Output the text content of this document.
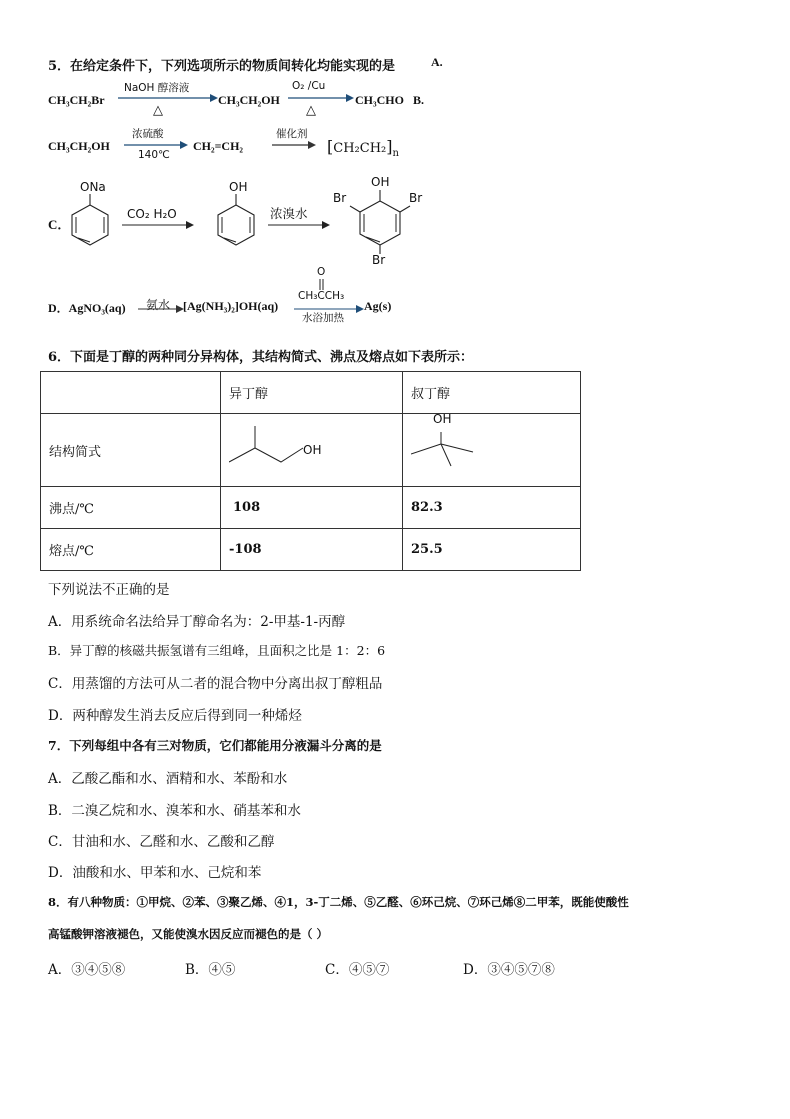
5．在给定条件下，下列选项所示的物质间转化均能实现的是	A.
CH₃CH₂Br
NaOH 醇溶液
△
CH₃CH₂OH
O₂ /Cu
△
CH₃CHO B.
CH₃CH₂OH
浓硫酸
140℃
CH₂=CH₂
催化剂
$[CH_2CH_2]_n$
C．
ONa
CO₂ H₂O
OH
浓溴水
OH
Br	Br
Br
D．AgNO₃(aq) 氨水 [Ag(NH₃)₂]OH(aq)
O
CH₃CCH₃
水浴加热
Ag(s)
6．下面是丁醇的两种同分异构体，其结构简式、沸点及熔点如下表所示：
	异丁醇	叔丁醇
结构简式	OH	OH

沸点/℃	108	82.3
熔点/℃	-108	25.5
下列说法不正确的是
A．用系统命名法给异丁醇命名为：2-甲基-1-丙醇
B．异丁醇的核磁共振氢谱有三组峰，且面积之比是 1：2：6
C．用蒸馏的方法可从二者的混合物中分离出叔丁醇粗品
D．两种醇发生消去反应后得到同一种烯烃
7．下列每组中各有三对物质，它们都能用分液漏斗分离的是
A．乙酸乙酯和水、酒精和水、苯酚和水
B．二溴乙烷和水、溴苯和水、硝基苯和水
C．甘油和水、乙醛和水、乙酸和乙醇
D．油酸和水、甲苯和水、己烷和苯
8．有八种物质：①甲烷、②苯、③聚乙烯、④1，3-丁二烯、⑤乙醛、⑥环己烷、⑦环己烯⑧二甲苯，既能使酸性
高锰酸钾溶液褪色，又能使溴水因反应而褪色的是（ ）
A．③④⑤⑧	B．④⑤	C．④⑤⑦	D．③④⑤⑦⑧
